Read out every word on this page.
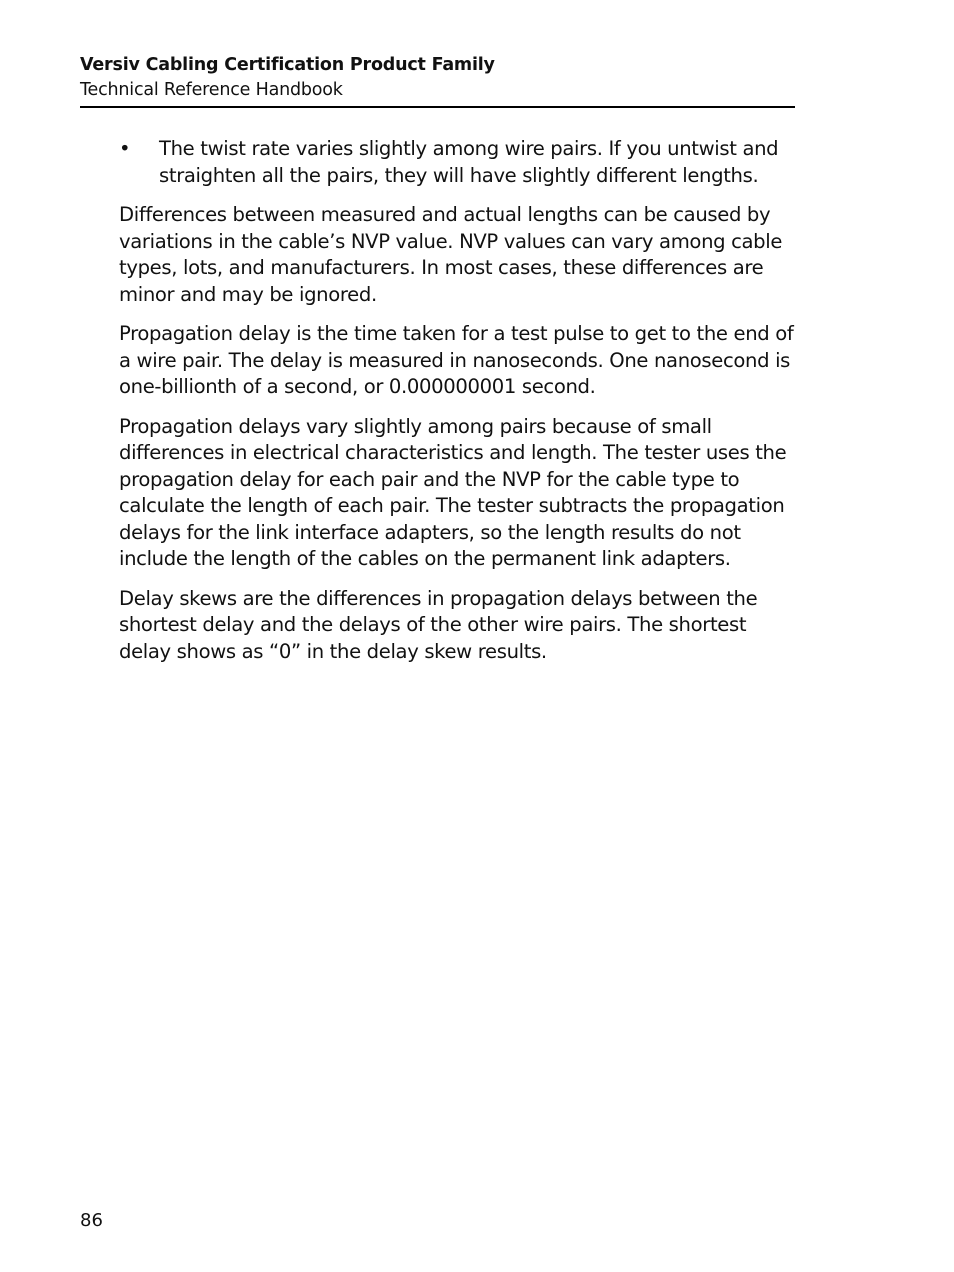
Versiv Cabling Certification Product Family
Technical Reference Handbook
•	The twist rate varies slightly among wire pairs. If you untwist and straighten all the pairs, they will have slightly different lengths.

Differences between measured and actual lengths can be caused by variations in the cable’s NVP value. NVP values can vary among cable types, lots, and manufacturers. In most cases, these differences are minor and may be ignored.

Propagation delay is the time taken for a test pulse to get to the end of a wire pair. The delay is measured in nanoseconds. One nanosecond is one-billionth of a second, or 0.000000001 second.

Propagation delays vary slightly among pairs because of small differences in electrical characteristics and length. The tester uses the propagation delay for each pair and the NVP for the cable type to calculate the length of each pair. The tester subtracts the propagation delays for the link interface adapters, so the length results do not include the length of the cables on the permanent link adapters.

Delay skews are the differences in propagation delays between the shortest delay and the delays of the other wire pairs. The shortest delay shows as “0” in the delay skew results.

86
